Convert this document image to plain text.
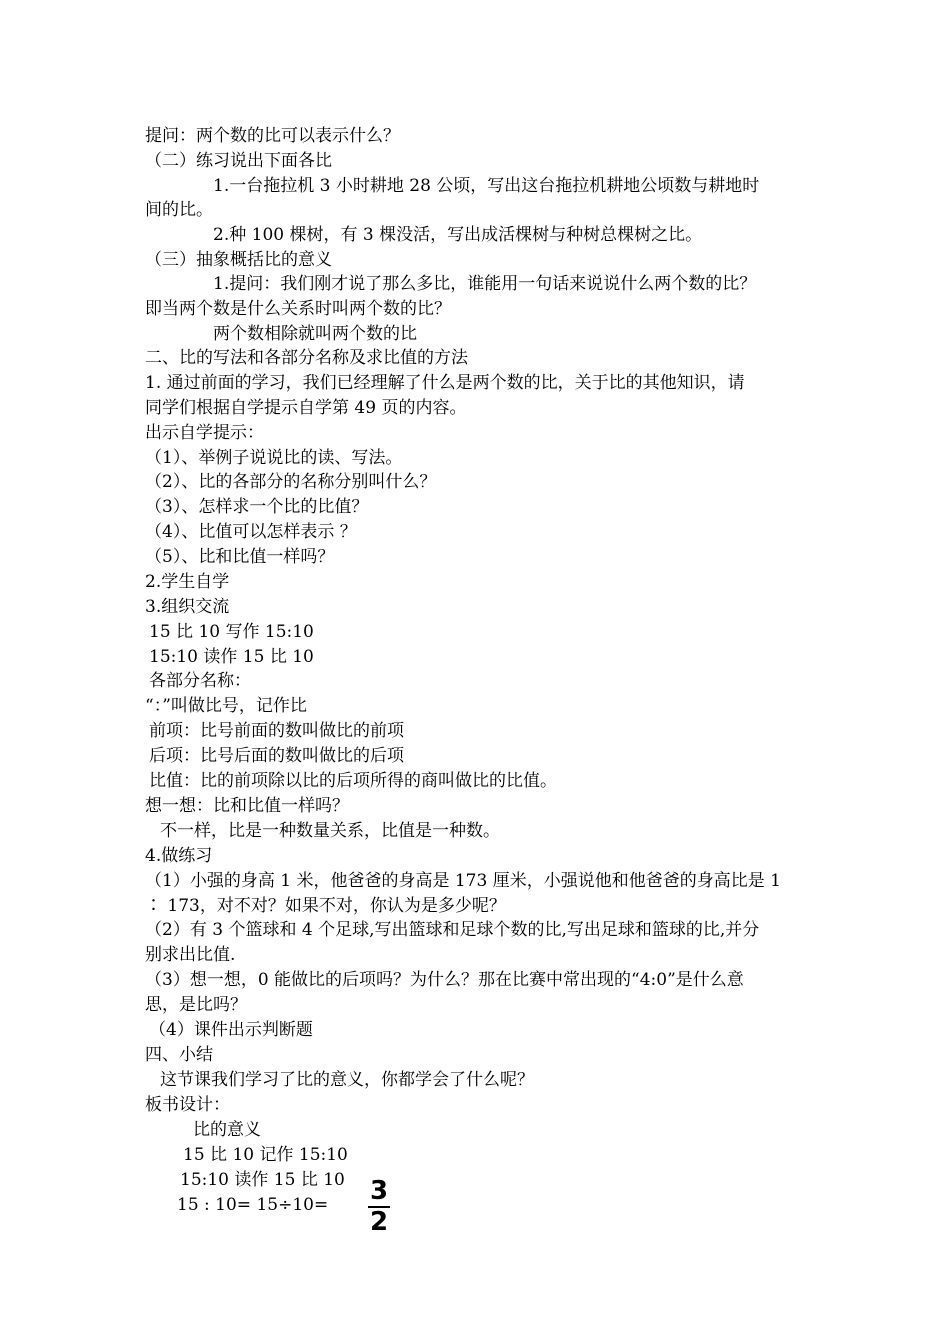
提问：两个数的比可以表示什么？

（二）练习说出下面各比

1.一台拖拉机 3 小时耕地 28 公顷，写出这台拖拉机耕地公顷数与耕地时

间的比。

2.种 100 棵树，有 3 棵没活，写出成活棵树与种树总棵树之比。

（三）抽象概括比的意义

1.提问：我们刚才说了那么多比，谁能用一句话来说说什么两个数的比？

即当两个数是什么关系时叫两个数的比？

两个数相除就叫两个数的比

二、比的写法和各部分名称及求比值的方法

1. 通过前面的学习，我们已经理解了什么是两个数的比，关于比的其他知识，请

同学们根据自学提示自学第 49 页的内容。

出示自学提示：

（1）、举例子说说比的读、写法。

（2）、比的各部分的名称分别叫什么？

（3）、怎样求一个比的比值？

（4）、比值可以怎样表示 ？

（5）、比和比值一样吗？

2.学生自学

3.组织交流

15 比 10 写作 15:10

15:10 读作 15 比 10

各部分名称：

“：”叫做比号，记作比

前项：比号前面的数叫做比的前项

后项：比号后面的数叫做比的后项

比值：比的前项除以比的后项所得的商叫做比的比值。

想一想：比和比值一样吗？

不一样，比是一种数量关系，比值是一种数。

4.做练习

（1）小强的身高 1 米，他爸爸的身高是 173 厘米，小强说他和他爸爸的身高比是 1

∶ 173，对不对？如果不对，你认为是多少呢？

（2）有 3 个篮球和 4 个足球,写出篮球和足球个数的比,写出足球和篮球的比,并分

别求出比值.

（3）想一想，0 能做比的后项吗？为什么？那在比赛中常出现的“4:0”是什么意

思，是比吗？

（4）课件出示判断题

四、小结

这节课我们学习了比的意义，你都学会了什么呢？

板书设计：

比的意义

15 比 10 记作 15:10

15:10 读作 15 比 10

15 : 10= 15÷10= 3
2
